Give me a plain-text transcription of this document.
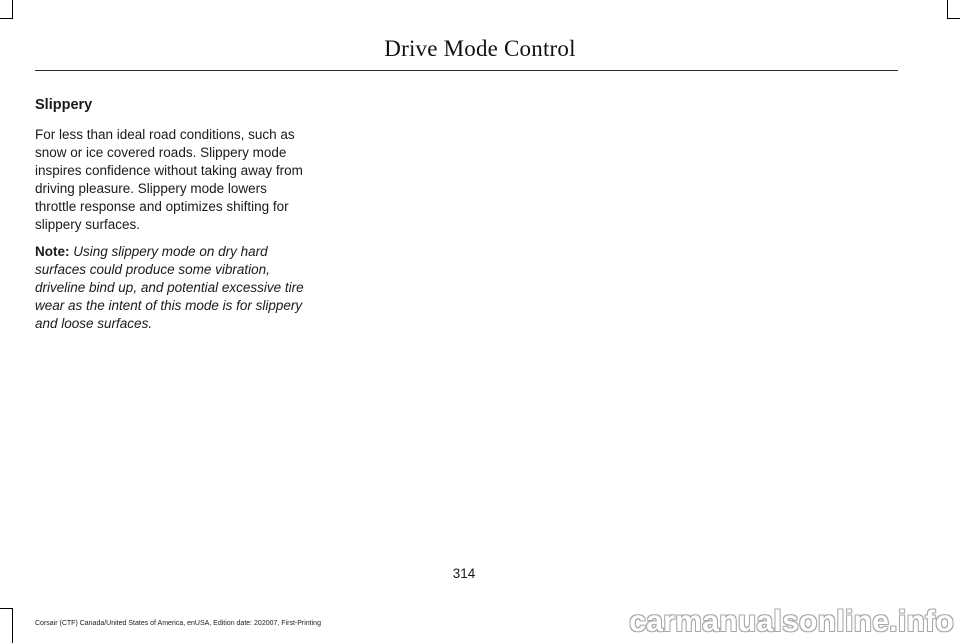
Drive Mode Control
Slippery

For less than ideal road conditions, such as snow or ice covered roads. Slippery mode inspires confidence without taking away from driving pleasure. Slippery mode lowers throttle response and optimizes shifting for slippery surfaces.

Note: Using slippery mode on dry hard surfaces could produce some vibration, driveline bind up, and potential excessive tire wear as the intent of this mode is for slippery and loose surfaces.

314
Corsair (CTF) Canada/United States of America, enUSA, Edition date: 202007, First-Printing	carmanualsonline.info
